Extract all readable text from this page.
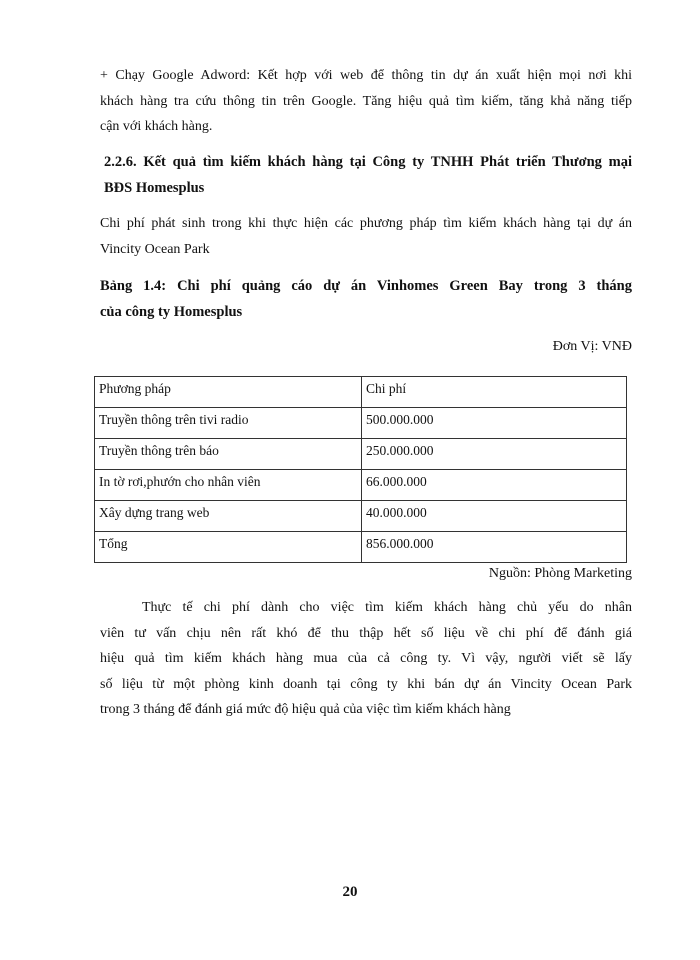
+ Chạy Google Adword: Kết hợp với web để thông tin dự án xuất hiện mọi nơi khi
khách hàng tra cứu thông tin trên Google. Tăng hiệu quả tìm kiếm, tăng khả năng tiếp
cận với khách hàng.
2.2.6. Kết quả tìm kiếm khách hàng tại Công ty TNHH Phát triển Thương mại
BĐS Homesplus
Chi phí phát sinh trong khi thực hiện các phương pháp tìm kiếm khách hàng tại dự án
Vincity Ocean Park
Bảng 1.4: Chi phí quảng cáo dự án Vinhomes Green Bay trong 3 tháng
của công ty Homesplus
Đơn Vị: VNĐ
Phương pháp	Chi phí
Truyền thông trên tivi radio	500.000.000
Truyền thông trên báo	250.000.000
In tờ rơi,phướn cho nhân viên	66.000.000
Xây dựng trang web	40.000.000
Tổng	856.000.000
Nguồn: Phòng Marketing
Thực tế chi phí dành cho việc tìm kiếm khách hàng chủ yếu do nhân
viên tư vấn chịu nên rất khó để thu thập hết số liệu về chi phí để đánh giá
hiệu quả tìm kiếm khách hàng mua của cả công ty. Vì vậy, người viết sẽ lấy
số liệu từ một phòng kinh doanh tại công ty khi bán dự án Vincity Ocean Park
trong 3 tháng để đánh giá mức độ hiệu quả của việc tìm kiếm khách hàng
20
